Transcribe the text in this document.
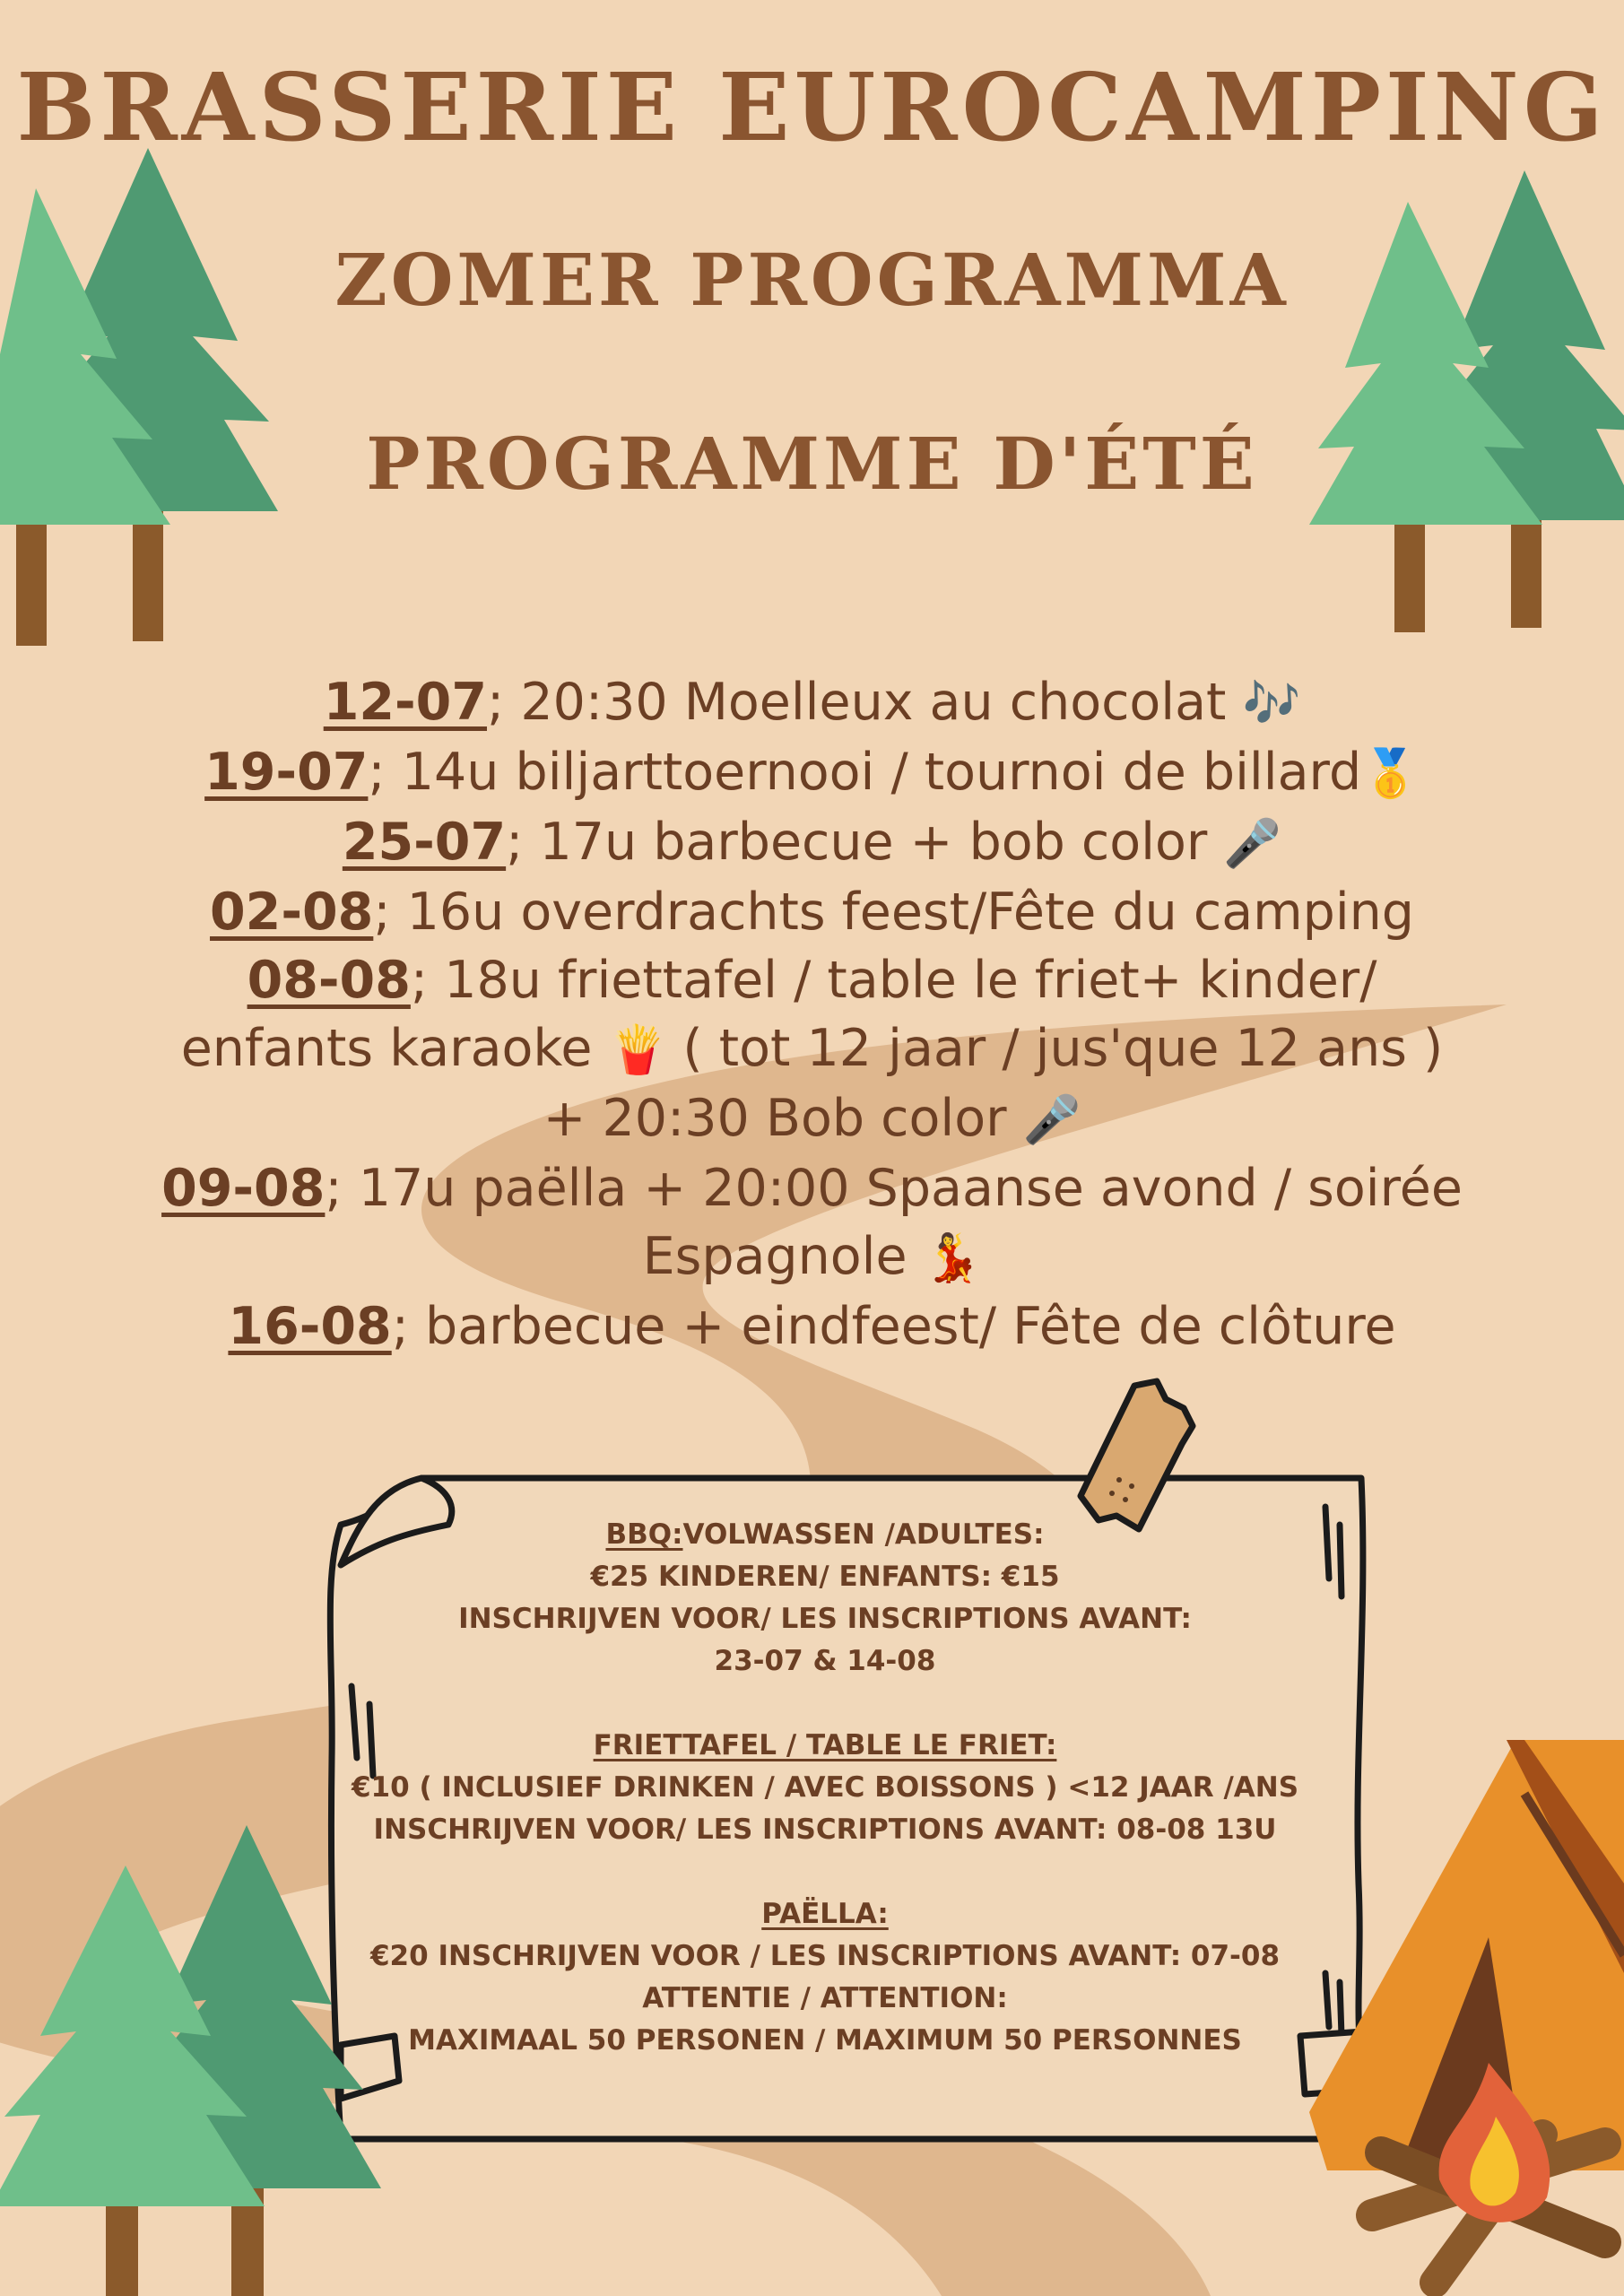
BRASSERIE EUROCAMPING
ZOMER PROGRAMMA
PROGRAMME D'ÉTÉ
12-07; 20:30 Moelleux au chocolat 🎶
19-07; 14u biljarttoernooi / tournoi de billard🥇
25-07; 17u barbecue + bob color 🎤
02-08; 16u overdrachts feest/Fête du camping
08-08; 18u friettafel / table le friet+ kinder/
enfants karaoke 🍟 ( tot 12 jaar / jus'que 12 ans )
+ 20:30 Bob color 🎤
09-08; 17u paëlla + 20:00 Spaanse avond / soirée
Espagnole 💃
16-08; barbecue + eindfeest/ Fête de clôture
BBQ:VOLWASSEN /ADULTES:
€25 KINDEREN/ ENFANTS: €15
INSCHRIJVEN VOOR/ LES INSCRIPTIONS AVANT:
23-07 & 14-08
FRIETTAFEL / TABLE LE FRIET:
€10 ( INCLUSIEF DRINKEN / AVEC BOISSONS ) <12 JAAR /ANS
INSCHRIJVEN VOOR/ LES INSCRIPTIONS AVANT: 08-08 13U
PAËLLA:
€20 INSCHRIJVEN VOOR / LES INSCRIPTIONS AVANT: 07-08
ATTENTIE / ATTENTION:
MAXIMAAL 50 PERSONEN / MAXIMUM 50 PERSONNES
